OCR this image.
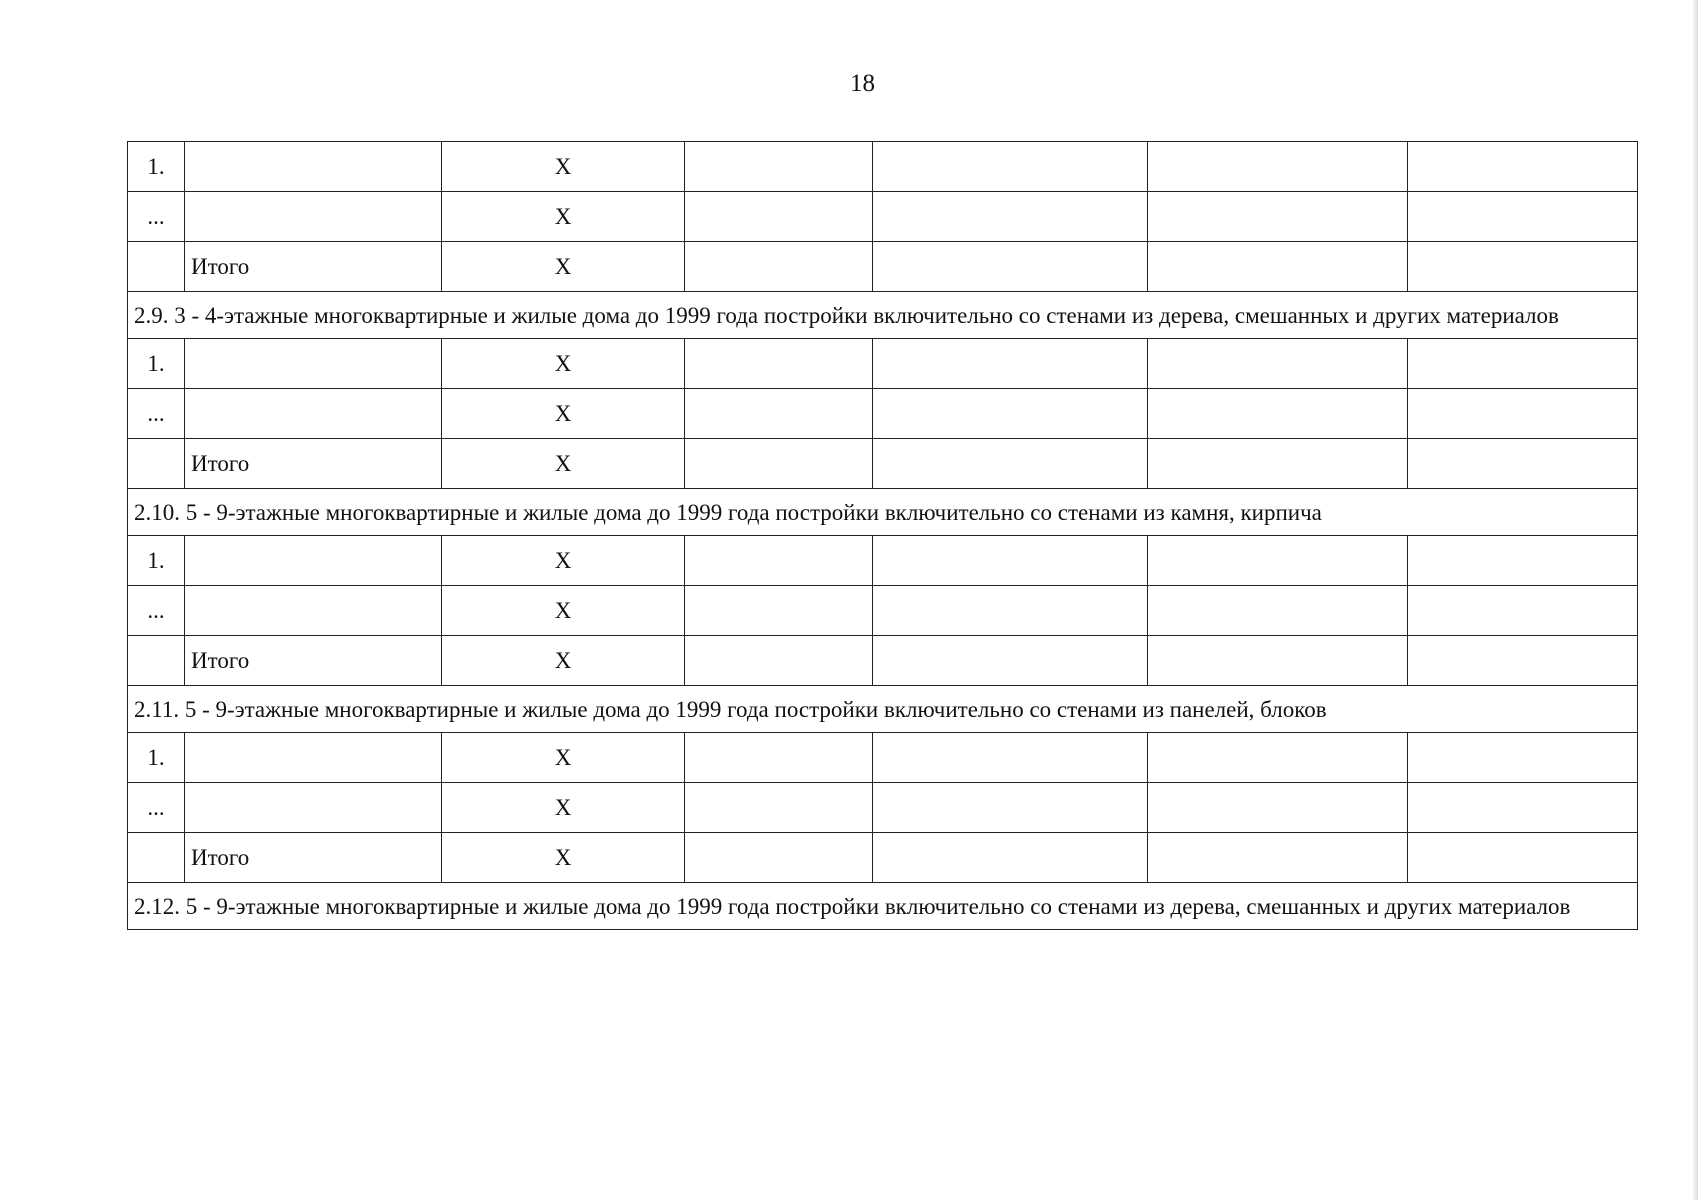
18
1.		Х				
...		Х				
	Итого	Х				
2.9. 3 - 4-этажные многоквартирные и жилые дома до 1999 года постройки включительно со стенами из дерева, смешанных и других материалов						
1.		Х				
...		Х				
	Итого	Х				
2.10. 5 - 9-этажные многоквартирные и жилые дома до 1999 года постройки включительно со стенами из камня, кирпича						
1.		Х				
...		Х				
	Итого	Х				
2.11. 5 - 9-этажные многоквартирные и жилые дома до 1999 года постройки включительно со стенами из панелей, блоков						
1.		Х				
...		Х				
	Итого	Х				
2.12. 5 - 9-этажные многоквартирные и жилые дома до 1999 года постройки включительно со стенами из дерева, смешанных и других материалов						
